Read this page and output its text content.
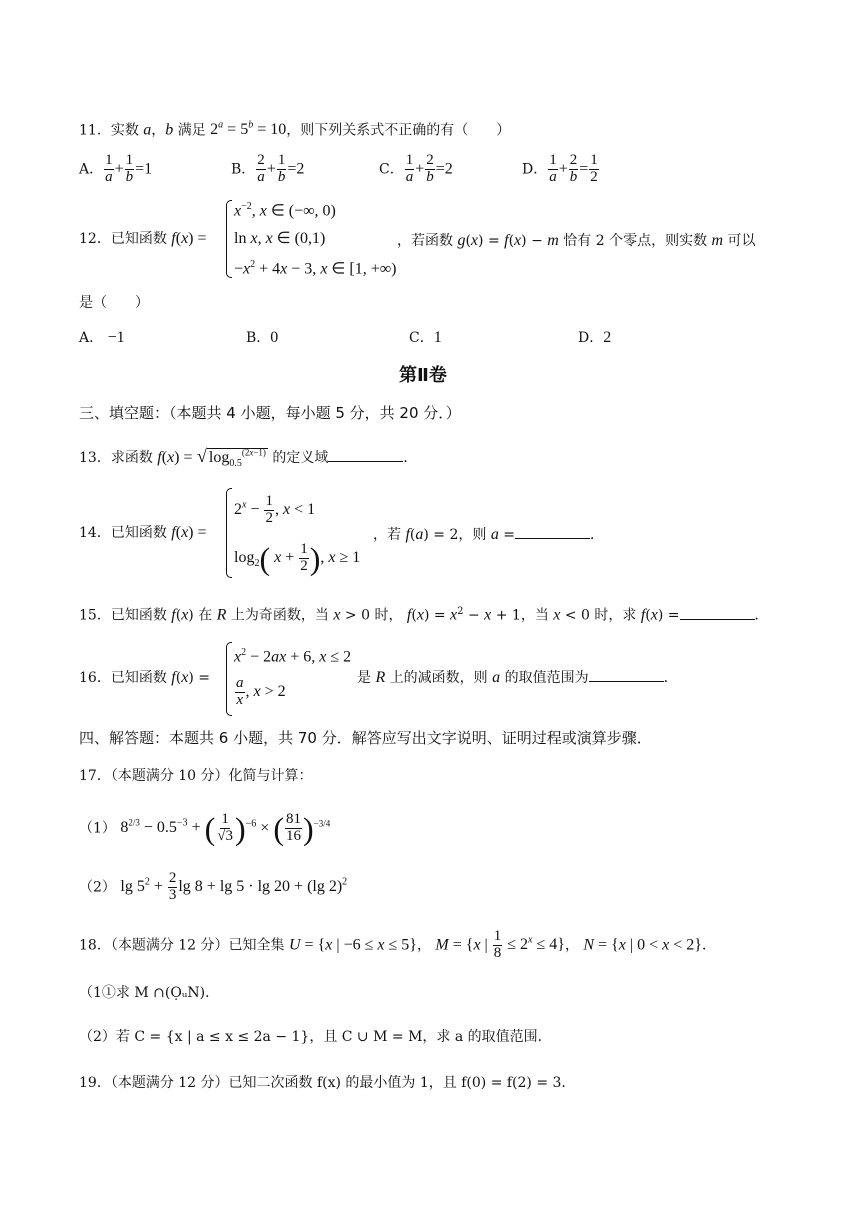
11．实数 a，b 满足 $2^a = 5^b = 10$，则下列关系式不正确的有（　　）
A． $\frac{1}{a} + \frac{1}{b} =1$	B． $\frac{2}{a} + \frac{1}{b} =2$	C． $\frac{1}{a} + \frac{2}{b} =2$	D． $\frac{1}{a} + \frac{2}{b} = \frac{1}{2}$
12．已知函数 f(x) =
$x^{-2}$, x ∈ (−∞, 0)
ln x, x ∈ (0,1)
$-x^2 + 4x - 3$, x ∈ [1, +∞)
，若函数 g(x) = f(x) − m 恰有 2 个零点，则实数 m 可以
是（　　）
A． −1	B．0	C．1	D．2
第Ⅱ卷
三、填空题：（本题共 4 小题，每小题 5 分，共 20 分．）
13．求函数 f(x) = √ $\log_{0.5}^{(2x-1)}$ 的定义域	．
14．已知函数 f(x) =
$2^x - \frac{1}{2}$ , x < 1
$\log_2$( $x + \frac{1}{2}$ ), x ≥ 1
，若 f(a) = 2，则 a =	．
15．已知函数 f(x) 在 R 上为奇函数，当 x > 0 时， $f(x) = x^2 - x + 1$，当 x < 0 时，求 f(x) =	．
16．已知函数 f(x) =
$x^2 - 2ax + 6$, x ≤ 2
$\frac{a}{x}$ , x > 2
是 R 上的减函数，则 a 的取值范围为	．
四、解答题：本题共 6 小题，共 70 分．解答应写出文字说明、证明过程或演算步骤．
17．（本题满分 10 分）化简与计算：
（1） $8^{2/3} - 0.5^{-3}$ + ( $\frac{1}{√3} )^{-6}$ × ( $\frac{81}{16} )^{-3/4}$
（2） $\lg 5^2 + \frac{2}{3}$ lg 8 + lg 5 · lg 20 + (lg 2)$^2$
18．（本题满分 12 分）已知全集 U = {x | −6 ≤ x ≤ 5}， M = {x | $\frac{1}{8} \le 2^x \le 4$}， N = {x | 0 < x < 2}．
（1①求 M ∩(ỌᵤN)．
（2）若 C = {x | a ≤ x ≤ 2a − 1}，且 C ∪ M = M，求 a 的取值范围．
19．（本题满分 12 分）已知二次函数 f(x) 的最小值为 1，且 f(0) = f(2) = 3．
